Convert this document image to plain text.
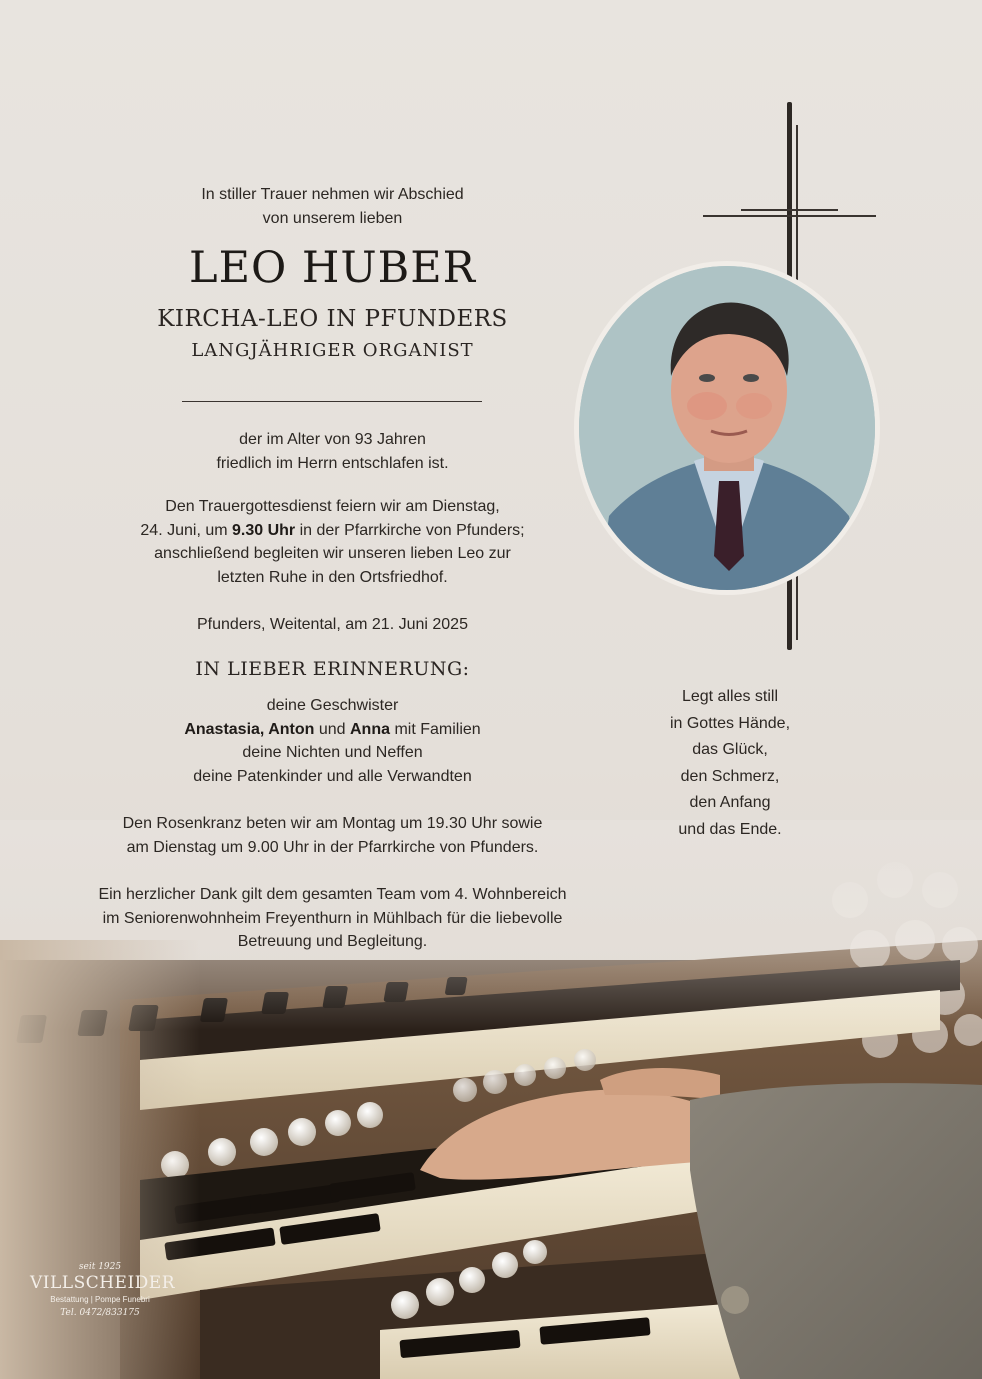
In stiller Trauer nehmen wir Abschied
von unserem lieben
LEO HUBER
KIRCHA-LEO IN PFUNDERS
LANGJÄHRIGER ORGANIST
der im Alter von 93 Jahren
friedlich im Herrn entschlafen ist.
Den Trauergottesdienst feiern wir am Dienstag,
24. Juni, um 9.30 Uhr in der Pfarrkirche von Pfunders;
anschließend begleiten wir unseren lieben Leo zur
letzten Ruhe in den Ortsfriedhof.
Pfunders, Weitental, am 21. Juni 2025
IN LIEBER ERINNERUNG:
deine Geschwister
Anastasia, Anton und Anna mit Familien
deine Nichten und Neffen
deine Patenkinder und alle Verwandten
Den Rosenkranz beten wir am Montag um 19.30 Uhr sowie
am Dienstag um 9.00 Uhr in der Pfarrkirche von Pfunders.
Ein herzlicher Dank gilt dem gesamten Team vom 4. Wohnbereich
im Seniorenwohnheim Freyenthurn in Mühlbach für die liebevolle
Betreuung und Begleitung.
Legt alles still
in Gottes Hände,
das Glück,
den Schmerz,
den Anfang
und das Ende.
seit 1925
VILLSCHEIDER
Bestattung | Pompe Funebri
Tel. 0472/833175
